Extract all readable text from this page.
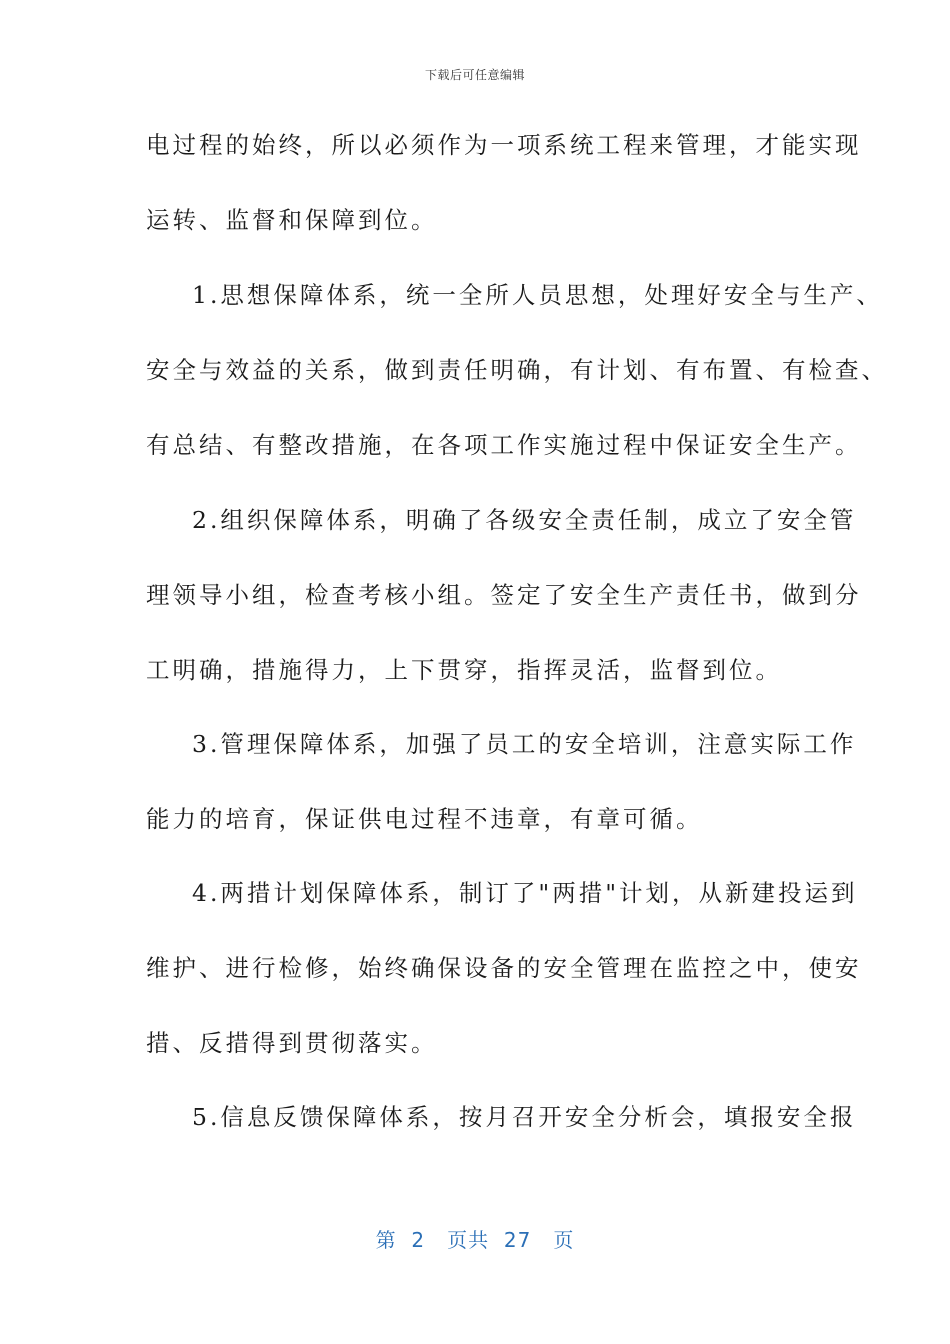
下载后可任意编辑
电过程的始终，所以必须作为一项系统工程来管理，才能实现
运转、监督和保障到位。
1.思想保障体系，统一全所人员思想，处理好安全与生产、
安全与效益的关系，做到责任明确，有计划、有布置、有检查、
有总结、有整改措施，在各项工作实施过程中保证安全生产。
2.组织保障体系，明确了各级安全责任制，成立了安全管
理领导小组，检查考核小组。签定了安全生产责任书，做到分
工明确，措施得力，上下贯穿，指挥灵活，监督到位。
3.管理保障体系，加强了员工的安全培训，注意实际工作
能力的培育，保证供电过程不违章，有章可循。
4.两措计划保障体系，制订了"两措"计划，从新建投运到
维护、进行检修，始终确保设备的安全管理在监控之中，使安
措、反措得到贯彻落实。
5.信息反馈保障体系，按月召开安全分析会，填报安全报
第  2   页共  27   页
